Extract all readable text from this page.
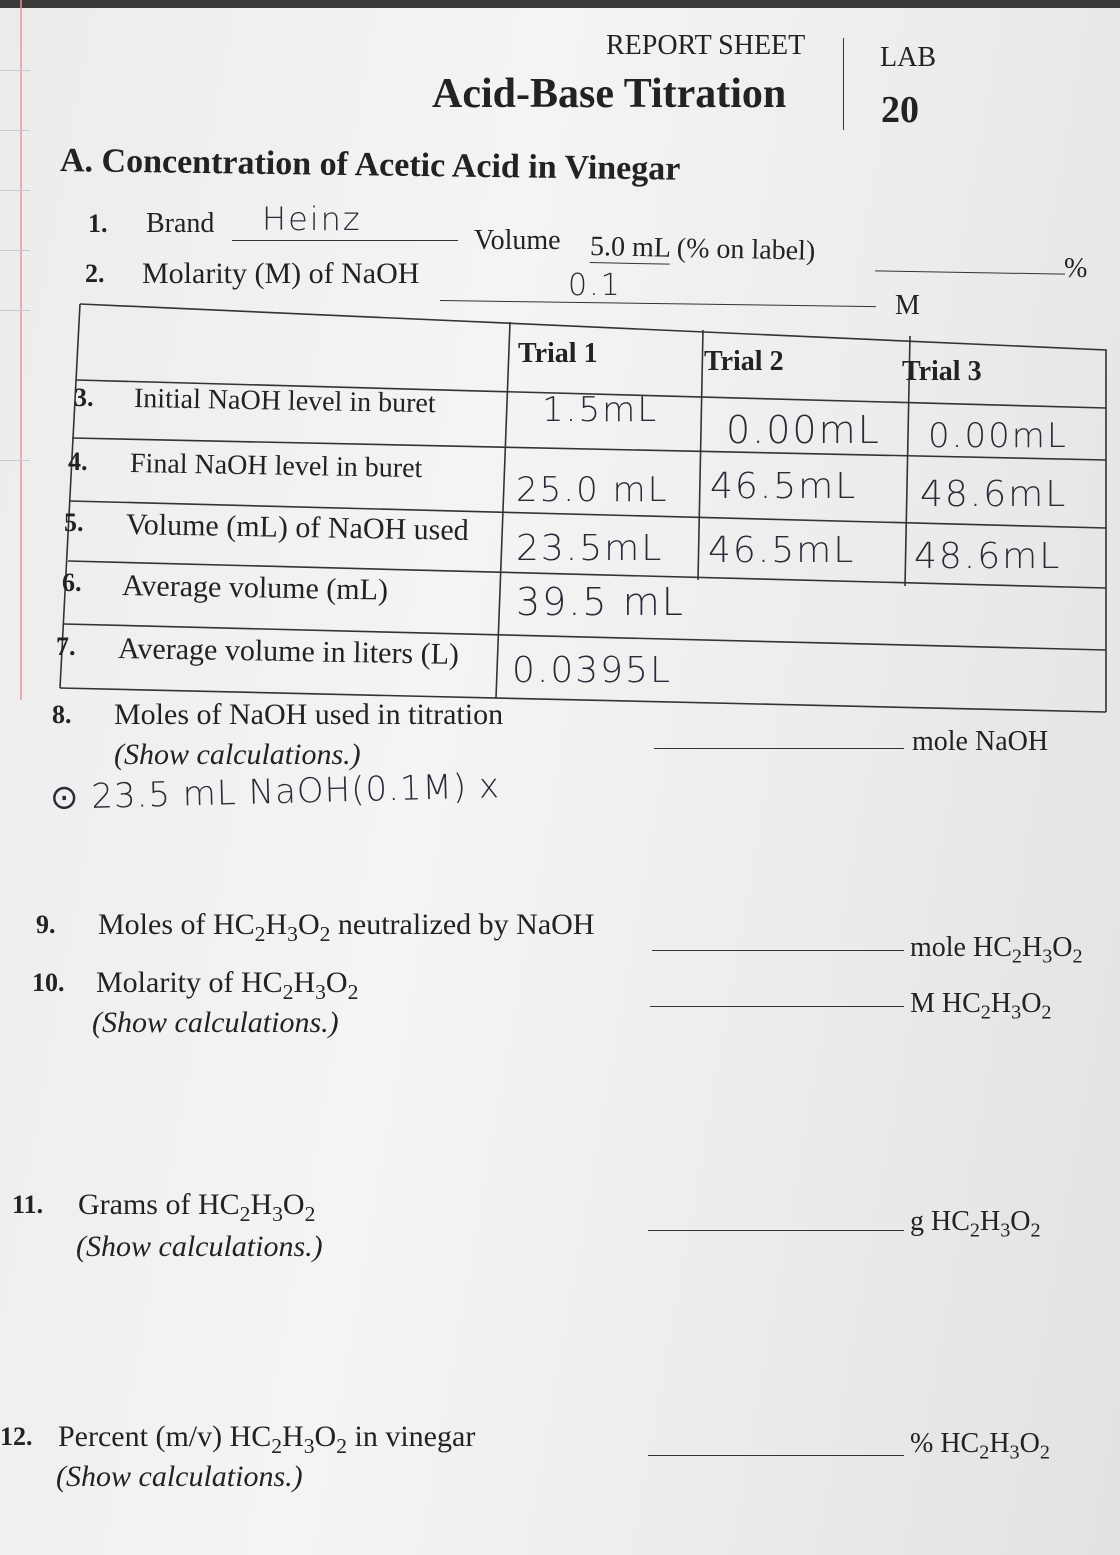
REPORT SHEET
Acid-Base Titration
LAB
20
A. Concentration of Acetic Acid in Vinegar
1. Brand Heinz
Volume 5.0 mL (% on label)
%
2. Molarity (M) of NaOH	0.1
M
Trial 1	Trial 2	Trial 3
3. Initial NaOH level in buret	1.5mL 0.00mL 0.00mL
4. Final NaOH level in buret
25.0 mL 46.5mL 48.6mL
5. Volume (mL) of NaOH used
23.5mL 46.5mL 48.6mL
6. Average volume (mL)	39.5 mL
7. Average volume in liters (L) 0.0395L
8. Moles of NaOH used in titration
(Show calculations.)	mole NaOH
⊙ 23.5 mL NaOH(0.1M) x
9. Moles of $HC_2H_3O_2$ neutralized by NaOH
mole $HC_2H_3O_2$
10. Molarity of $HC_2H_3O_2$
(Show calculations.)
M $HC_2H_3O_2$
11. Grams of $HC_2H_3O_2$
(Show calculations.)
g $HC_2H_3O_2$
12. Percent (m/v) $HC_2H_3O_2$ in vinegar
(Show calculations.)
% $HC_2H_3O_2$
